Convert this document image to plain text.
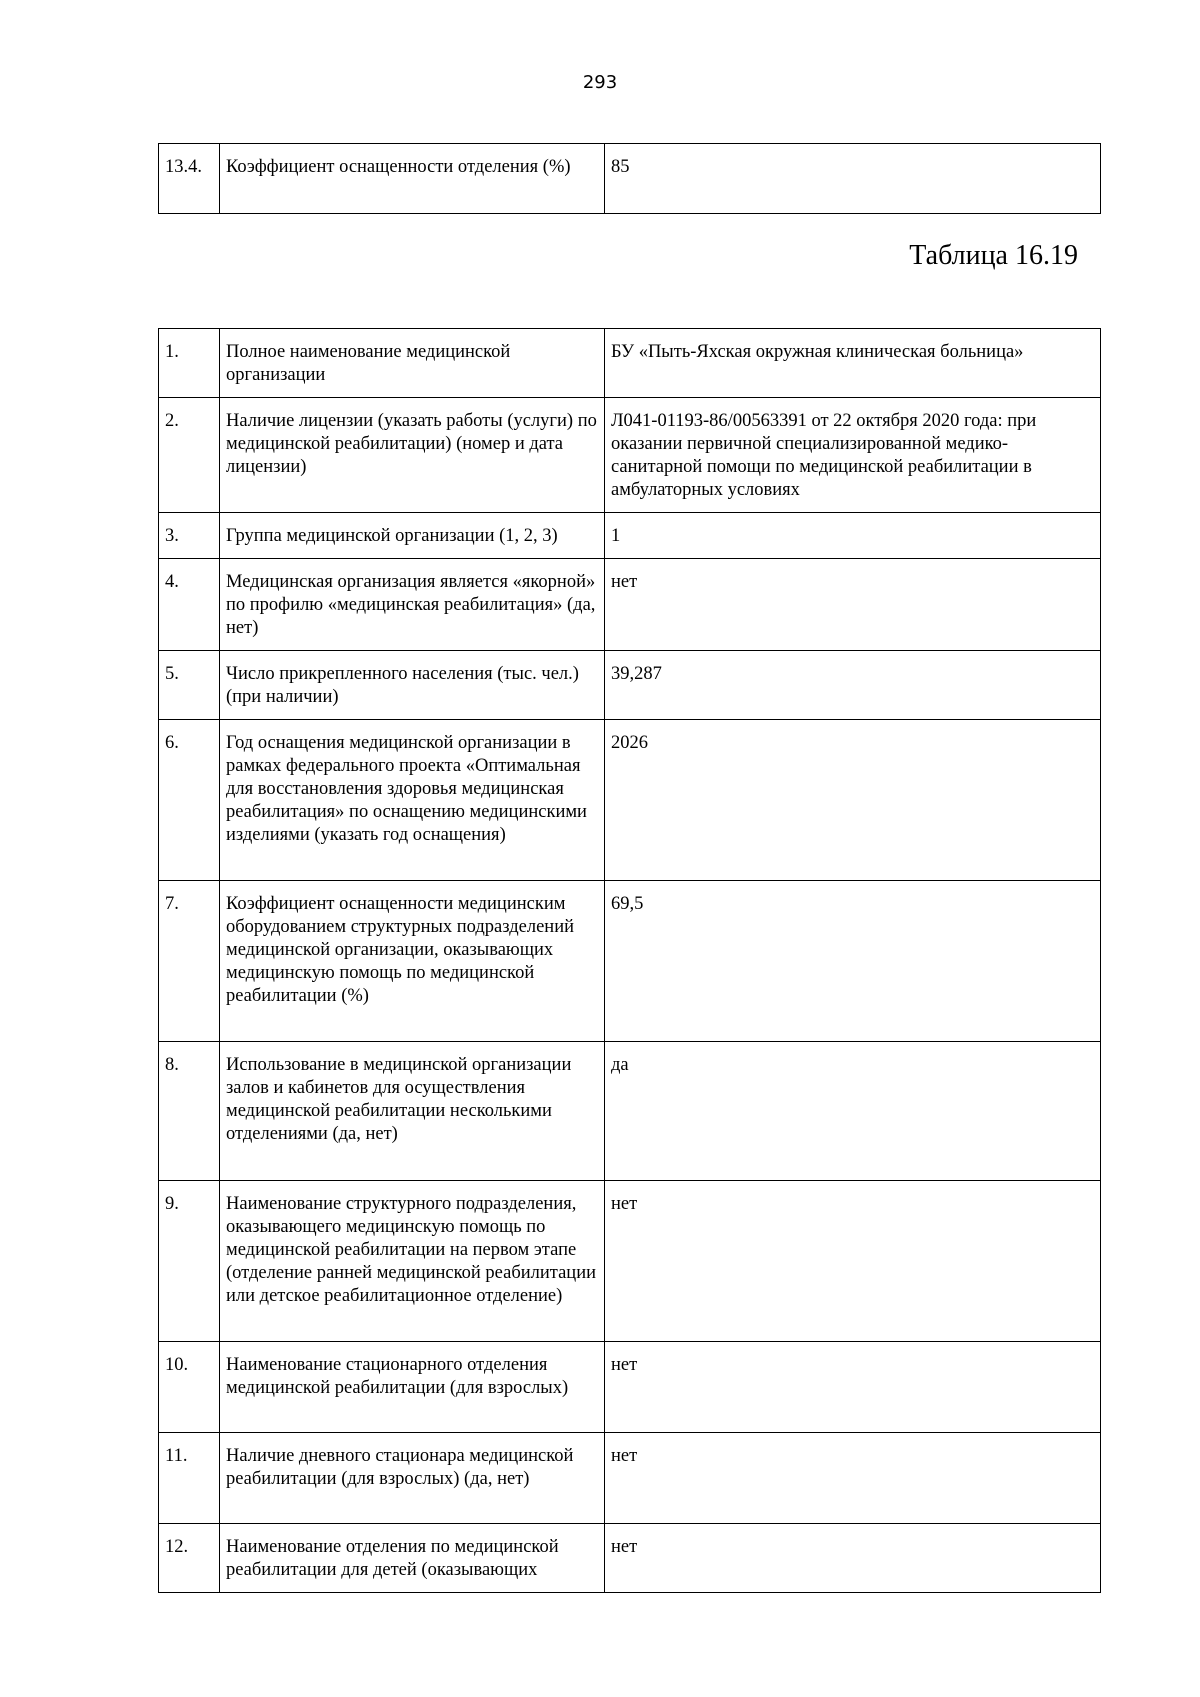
293
13.4.	Коэффициент оснащенности отделения (%)	85
Таблица 16.19
1.	Полное наименование медицинской организации	БУ «Пыть-Яхская окружная клиническая больница»
2.	Наличие лицензии (указать работы (услуги) по медицинской реабилитации) (номер и дата лицензии)	Л041-01193-86/00563391 от 22 октября 2020 года: при оказании первичной специализированной медико-санитарной помощи по медицинской реабилитации в амбулаторных условиях
3.	Группа медицинской организации (1, 2, 3)	1
4.	Медицинская организация является «якорной» по профилю «медицинская реабилитация» (да, нет)	нет
5.	Число прикрепленного населения (тыс. чел.) (при наличии)	39,287
6.	Год оснащения медицинской организации в рамках федерального проекта «Оптимальная для восстановления здоровья медицинская реабилитация» по оснащению медицинскими изделиями (указать год оснащения)	2026
7.	Коэффициент оснащенности медицинским оборудованием структурных подразделений медицинской организации, оказывающих медицинскую помощь по медицинской реабилитации (%)	69,5
8.	Использование в медицинской организации залов и кабинетов для осуществления медицинской реабилитации несколькими отделениями (да, нет)	да
9.	Наименование структурного подразделения, оказывающего медицинскую помощь по медицинской реабилитации на первом этапе (отделение ранней медицинской реабилитации или детское реабилитационное отделение)	нет
10.	Наименование стационарного отделения медицинской реабилитации (для взрослых)	нет
11.	Наличие дневного стационара медицинской реабилитации (для взрослых) (да, нет)	нет
12.	Наименование отделения по медицинской реабилитации для детей (оказывающих	нет
